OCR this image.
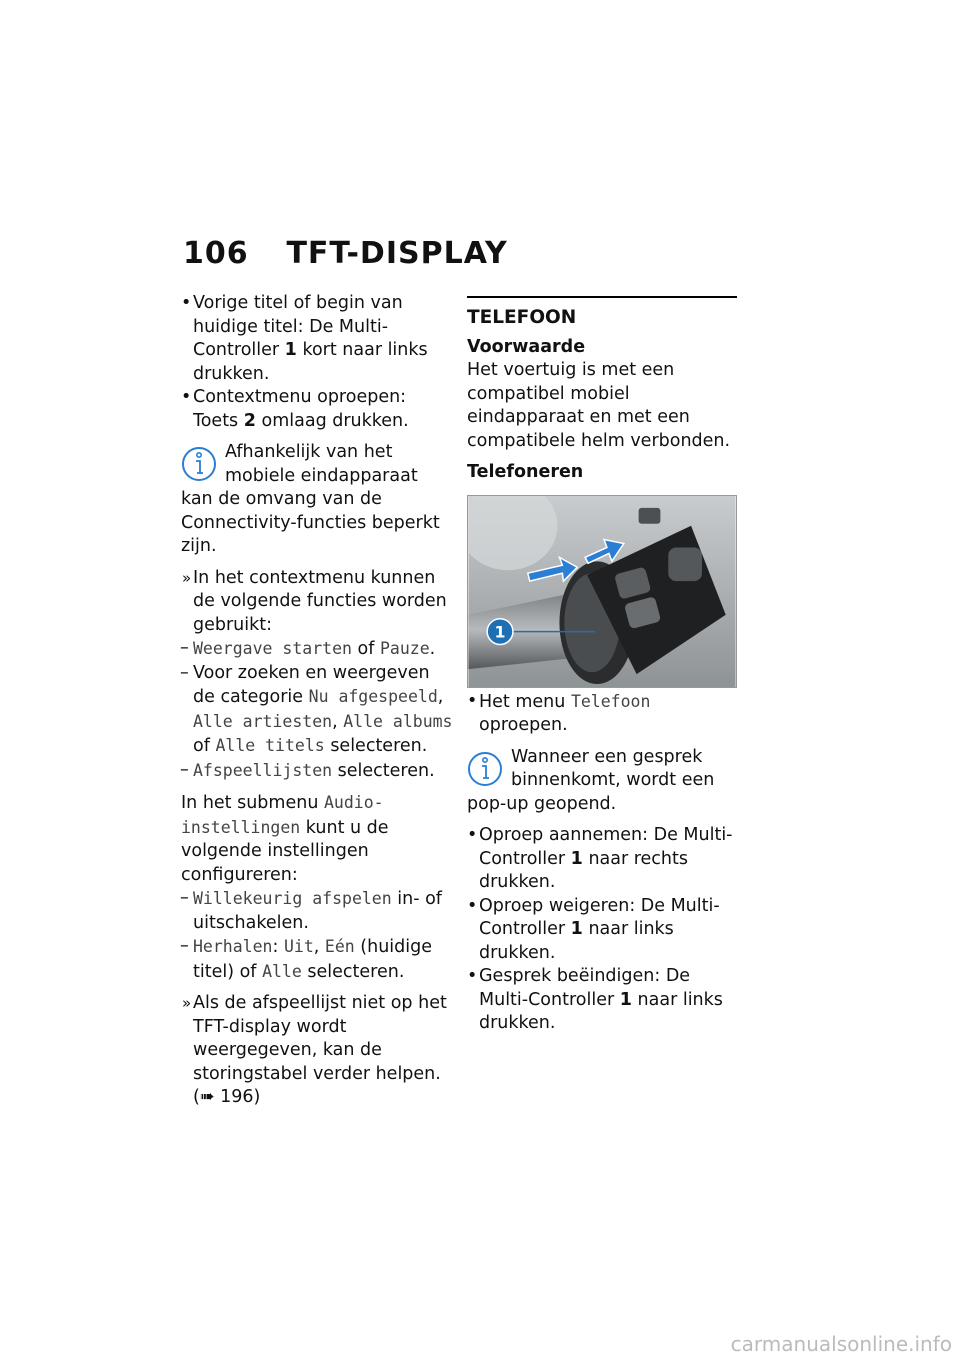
106 TFT-DISPLAY
• Vorige titel of begin van huidige titel: De Multi-Controller 1 kort naar links drukken.
• Contextmenu oproepen: Toets 2 omlaag drukken.
Afhankelijk van het mobiele eindapparaat kan de omvang van de Connectivity-functies beperkt zijn.
» In het contextmenu kunnen de volgende functies worden gebruikt:
– Weergave starten of Pauze.
– Voor zoeken en weergeven de categorie Nu afgespeeld, Alle artiesten, Alle albums of Alle titels selecteren.
– Afspeellijsten selecteren.
In het submenu Audio-instellingen kunt u de volgende instellingen configureren:
– Willekeurig afspelen in- of uitschakelen.
– Herhalen: Uit, Eén (huidige titel) of Alle selecteren.
» Als de afspeellijst niet op het TFT-display wordt weergegeven, kan de storingstabel verder helpen. (➠ 196)
TELEFOON
Voorwaarde
Het voertuig is met een compatibel mobiel eindapparaat en met een compatibele helm verbonden.
Telefoneren
1
• Het menu Telefoon oproepen.
Wanneer een gesprek binnenkomt, wordt een pop-up geopend.
• Oproep aannemen: De Multi-Controller 1 naar rechts drukken.
• Oproep weigeren: De Multi-Controller 1 naar links drukken.
• Gesprek beëindigen: De Multi-Controller 1 naar links drukken.
carmanualsonline.info
